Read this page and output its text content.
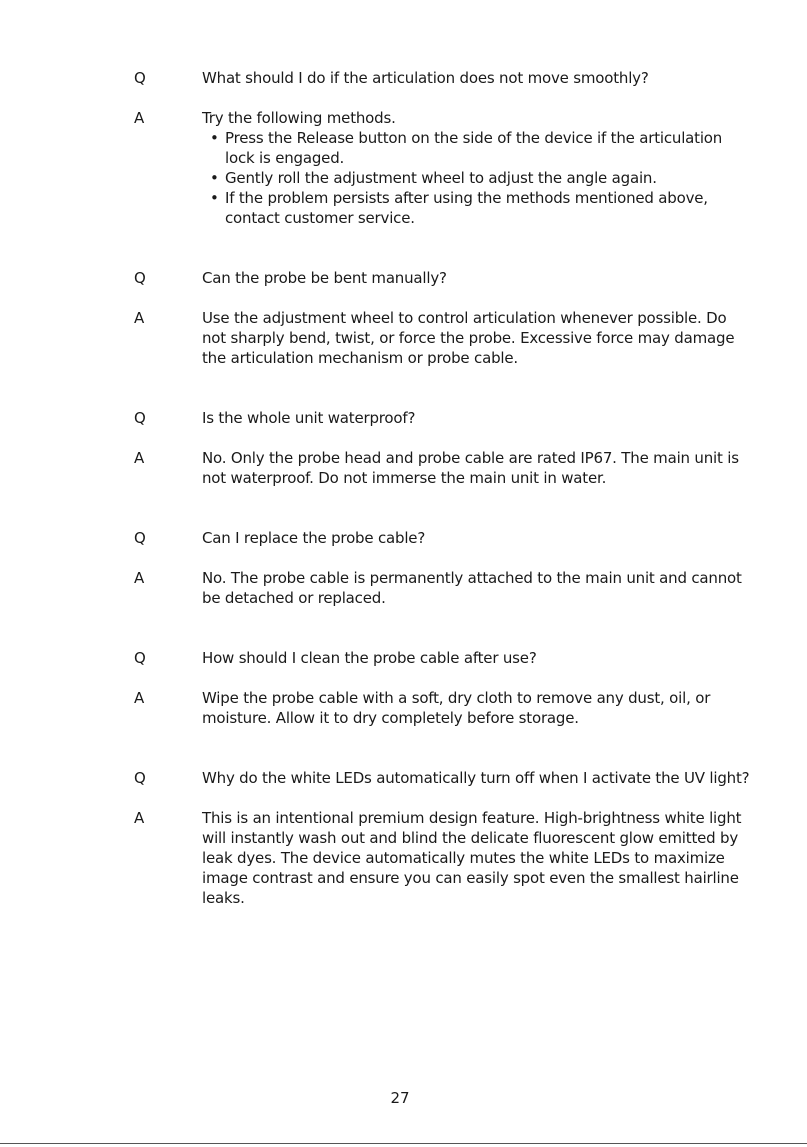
Q	What should I do if the articulation does not move smoothly?
A	Try the following methods.
• Press the Release button on the side of the device if the articulation lock is engaged.
• Gently roll the adjustment wheel to adjust the angle again.
• If the problem persists after using the methods mentioned above, contact customer service.
Q	Can the probe be bent manually?
A	Use the adjustment wheel to control articulation whenever possible. Do not sharply bend, twist, or force the probe. Excessive force may damage the articulation mechanism or probe cable.
Q	Is the whole unit waterproof?
A	No. Only the probe head and probe cable are rated IP67. The main unit is not waterproof. Do not immerse the main unit in water.
Q	Can I replace the probe cable?
A	No. The probe cable is permanently attached to the main unit and cannot be detached or replaced.
Q	How should I clean the probe cable after use?
A	Wipe the probe cable with a soft, dry cloth to remove any dust, oil, or moisture. Allow it to dry completely before storage.
Q	Why do the white LEDs automatically turn off when I activate the UV light?
A	This is an intentional premium design feature. High-brightness white light will instantly wash out and blind the delicate fluorescent glow emitted by leak dyes. The device automatically mutes the white LEDs to maximize image contrast and ensure you can easily spot even the smallest hairline leaks.
27
